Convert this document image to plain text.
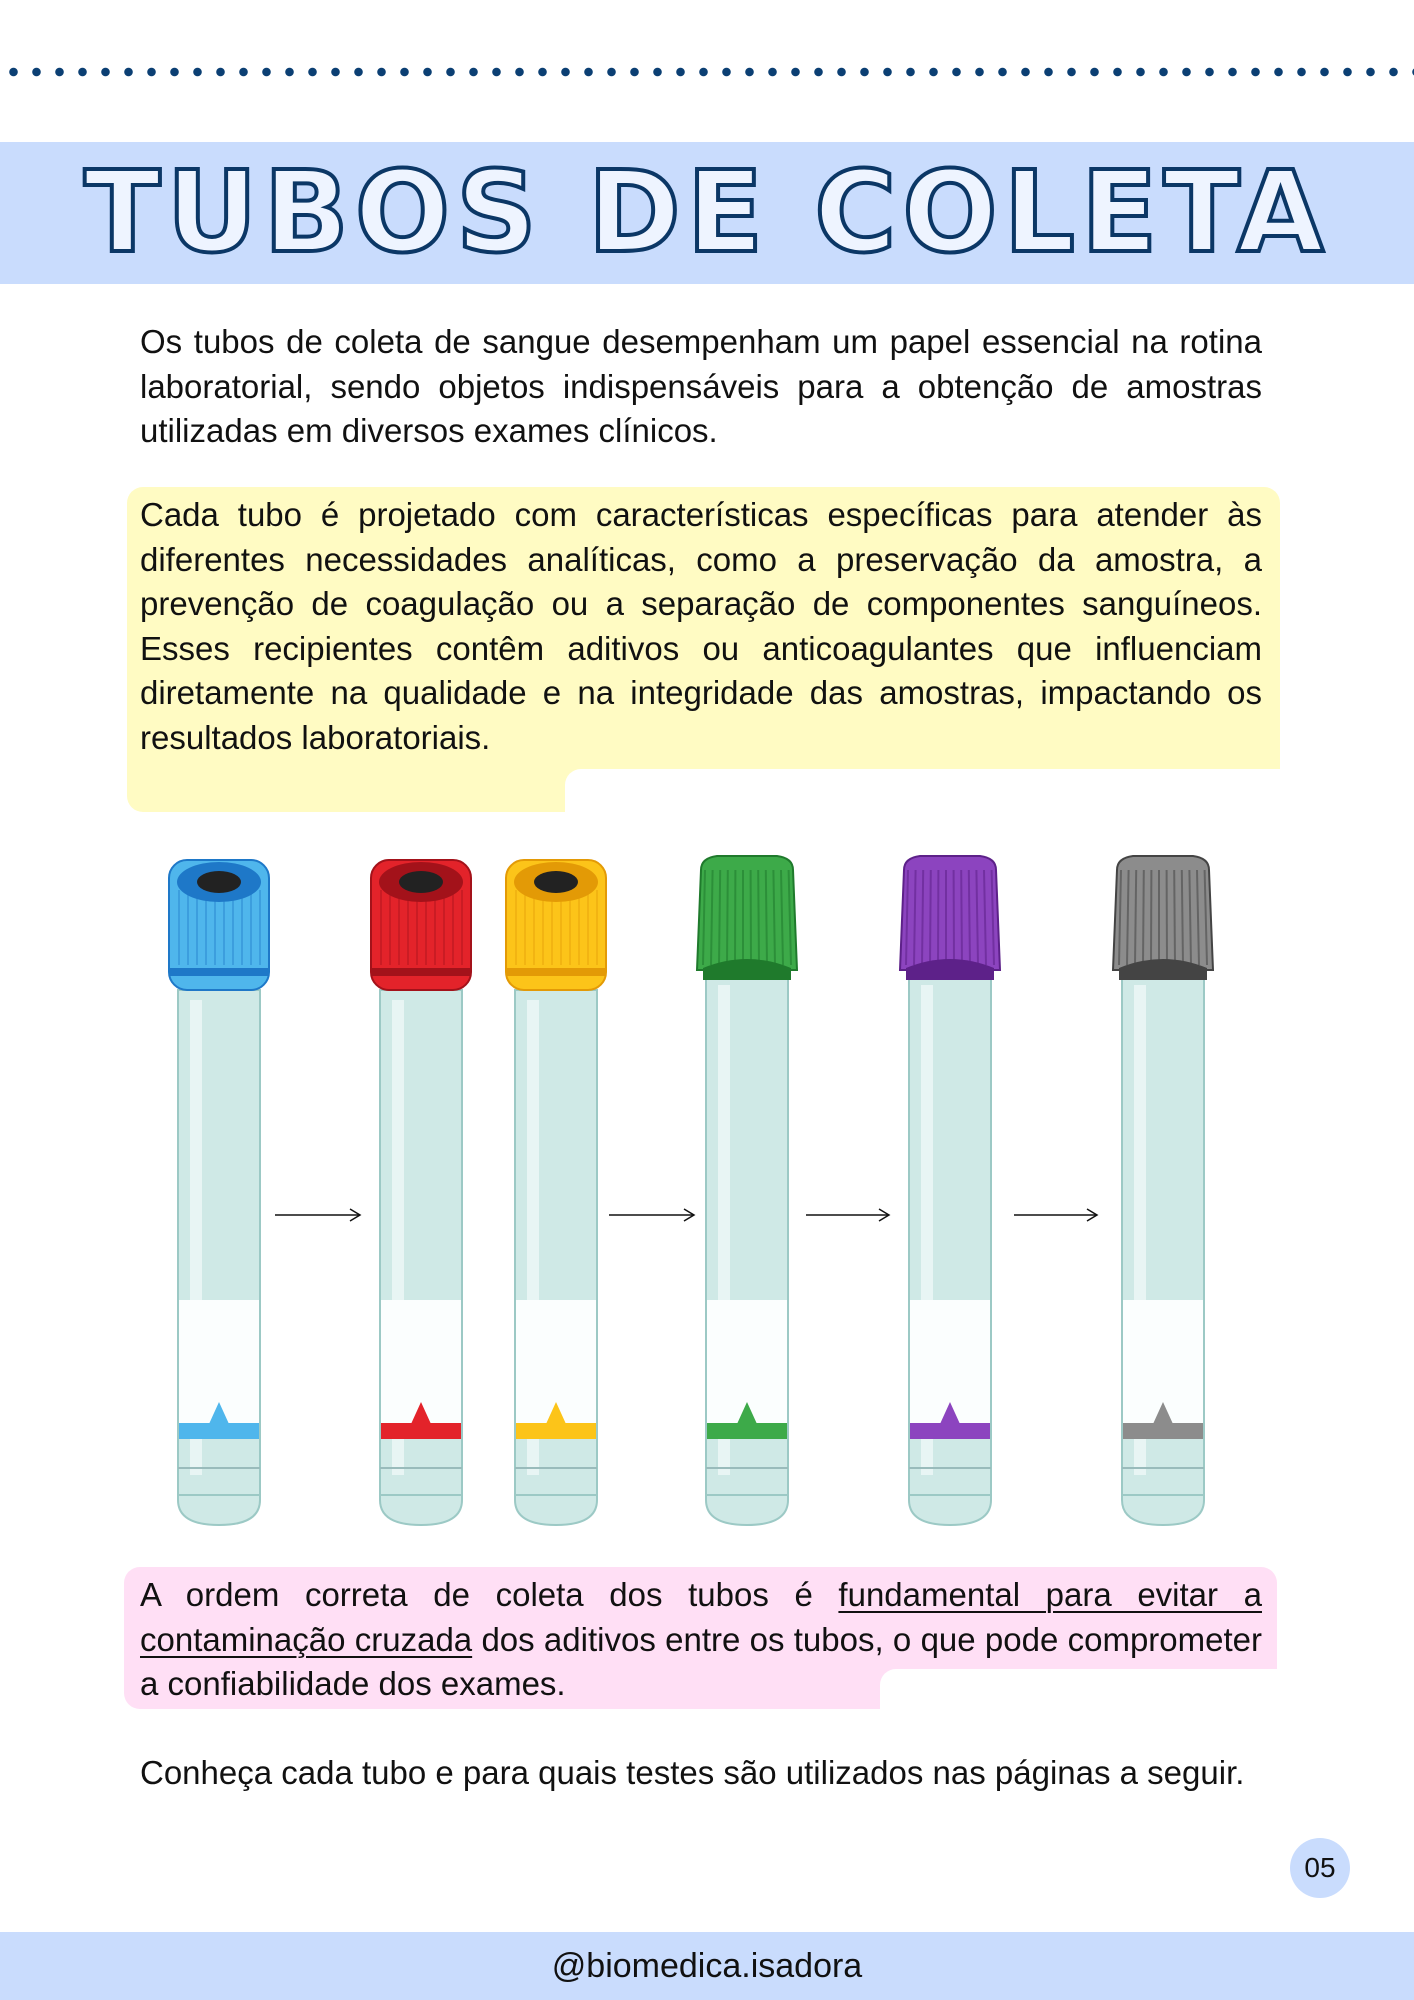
TUBOS DE COLETA
Os tubos de coleta de sangue desempenham um papel essencial na rotina laboratorial, sendo objetos indispensáveis para a obtenção de amostras utilizadas em diversos exames clínicos.
Cada tubo é projetado com características específicas para atender às diferentes necessidades analíticas, como a preservação da amostra, a prevenção de coagulação ou a separação de componentes sanguíneos. Esses recipientes contêm aditivos ou anticoagulantes que influenciam diretamente na qualidade e na integridade das amostras, impactando os resultados laboratoriais.
A ordem correta de coleta dos tubos é fundamental para evitar a contaminação cruzada dos aditivos entre os tubos, o que pode comprometer a confiabilidade dos exames.
Conheça cada tubo e para quais testes são utilizados nas páginas a seguir.
05
@biomedica.isadora
